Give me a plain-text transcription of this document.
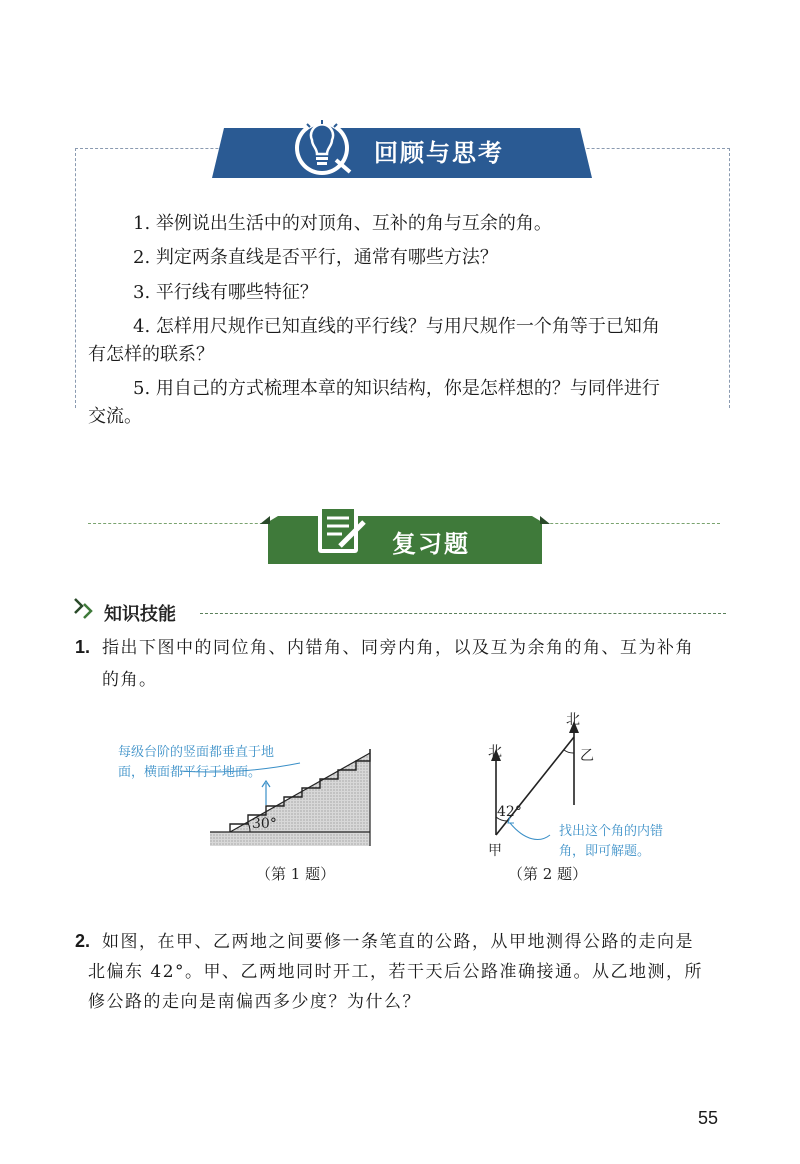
回顾与思考
1. 举例说出生活中的对顶角、互补的角与互余的角。
2. 判定两条直线是否平行，通常有哪些方法？
3. 平行线有哪些特征？
4. 怎样用尺规作已知直线的平行线？与用尺规作一个角等于已知角
有怎样的联系？
5. 用自己的方式梳理本章的知识结构，你是怎样想的？与同伴进行
交流。
复习题
知识技能
1. 指出下图中的同位角、内错角、同旁内角，以及互为余角的角、互为补角
的角。
每级台阶的竖面都垂直于地
面，横面都平行于地面。
30°
（第 1 题）
北
北	乙
42°
甲
找出这个角的内错
角，即可解题。
（第 2 题）
2. 如图，在甲、乙两地之间要修一条笔直的公路，从甲地测得公路的走向是
北偏东 42°。甲、乙两地同时开工，若干天后公路准确接通。从乙地测，所
修公路的走向是南偏西多少度？为什么？
55
